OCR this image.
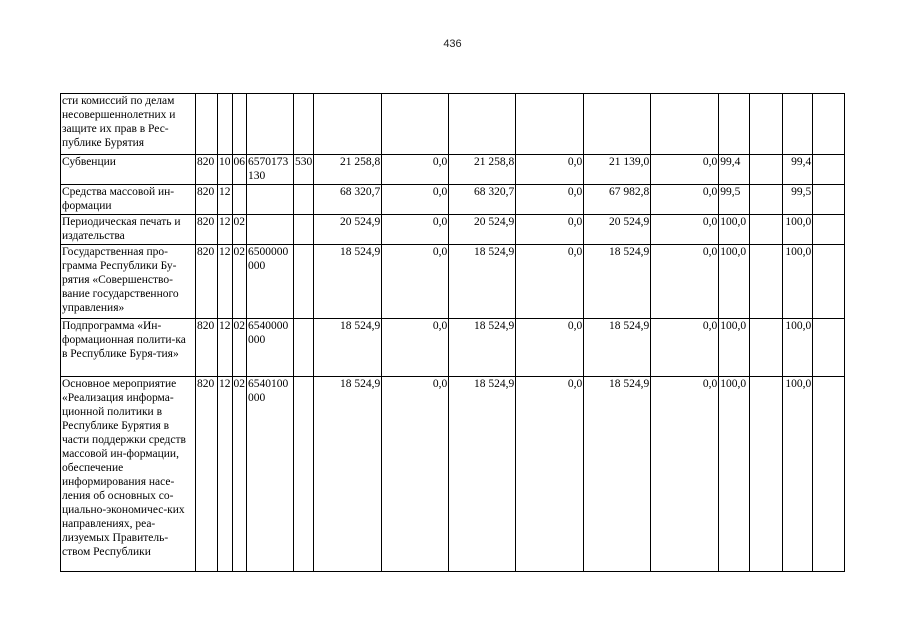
436
сти комиссий по делам несовершеннолетних и защите их прав в Рес-публике Бурятия															
Субвенции	820	10	06	6570173130	530	21 258,8	0,0	21 258,8	0,0	21 139,0	0,0	99,4		99,4	
Средства массовой ин-формации	820	12				68 320,7	0,0	68 320,7	0,0	67 982,8	0,0	99,5		99,5	
Периодическая печать и издательства	820	12	02			20 524,9	0,0	20 524,9	0,0	20 524,9	0,0	100,0		100,0	
Государственная про-грамма Республики Бу-рятия «Совершенство-вание государственного управления»	820	12	02	6500000000		18 524,9	0,0	18 524,9	0,0	18 524,9	0,0	100,0		100,0	
Подпрограмма «Ин-формационная полити-ка в Республике Буря-тия»	820	12	02	6540000000		18 524,9	0,0	18 524,9	0,0	18 524,9	0,0	100,0		100,0	
Основное мероприятие «Реализация информа-ционной политики в Республике Бурятия в части поддержки средств массовой ин-формации, обеспечение информирования насе-ления об основных со-циально-экономичес-ких направлениях, реа-лизуемых Правитель-ством Республики	820	12	02	6540100000		18 524,9	0,0	18 524,9	0,0	18 524,9	0,0	100,0		100,0	
